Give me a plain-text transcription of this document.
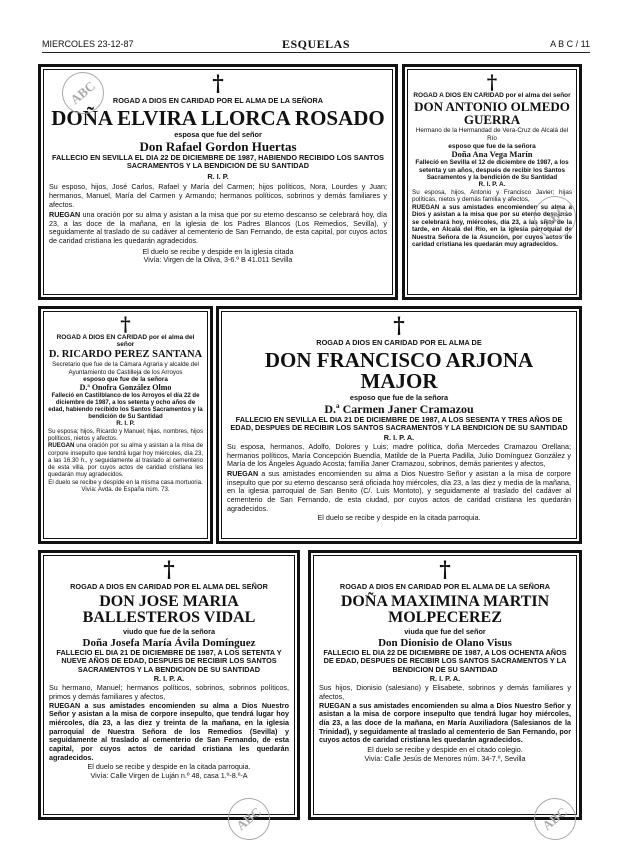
MIERCOLES 23-12-87	ESQUELAS	A B C / 11
†
ROGAD A DIOS EN CARIDAD POR EL ALMA DE LA SEÑORA
DOÑA ELVIRA LLORCA ROSADO
esposa que fue del señor
Don Rafael Gordon Huertas
FALLECIO EN SEVILLA EL DIA 22 DE DICIEMBRE DE 1987, HABIENDO RECIBIDO LOS SANTOS SACRAMENTOS Y LA BENDICION DE SU SANTIDAD
R. I. P.
Su esposo, hijos, José Carlos, Rafael y María del Carmen; hijos políticos, Nora, Lourdes y Juan; hermanos, Manuel, María del Carmen y Armando; hermanos políticos, sobrinos y demás familiares y afectos.
RUEGAN una oración por su alma y asistan a la misa que por su eterno descanso se celebrará hoy, día 23, a las doce de la mañana, en la iglesia de los Padres Blancos (Los Remedios, Sevilla), y seguidamente al traslado de su cadáver al cementerio de San Fernando, de esta capital, por cuyos actos de caridad cristiana les quedarán agradecidos.
El duelo se recibe y despide en la iglesia citada
Vivía: Virgen de la Oliva, 3-6.º B 41.011 Sevilla
†
ROGAD A DIOS EN CARIDAD por el alma del señor
DON ANTONIO OLMEDO GUERRA
Hermano de la Hermandad de Vera-Cruz de Alcalá del Río
esposo que fue de la señora
Doña Ana Vega Marín
Falleció en Sevilla el 12 de diciembre de 1987, a los setenta y un años, después de recibir los Santos Sacramentos y la bendición de Su Santidad
R. I. P. A.
Su esposa, hijos, Antonio y Francisco Javier; hijas políticas, nietos y demás familia y afectos,
RUEGAN a sus amistades encomienden su alma a Dios y asistan a la misa que por su eterno descanso se celebrará hoy, miércoles, día 23, a las siete de la tarde, en Alcalá del Río, en la iglesia parroquial de Nuestra Señora de la Asunción, por cuyos actos de caridad cristiana les quedarán muy agradecidos.
†
ROGAD A DIOS EN CARIDAD por el alma del señor
D. RICARDO PEREZ SANTANA
Secretario que fue de la Cámara Agraria y alcalde del Ayuntamiento de Castilleja de los Arroyos
esposo que fue de la señora
D.ª Onofra González Olmo
Falleció en Castilblanco de los Arroyos el día 22 de diciembre de 1987, a los setenta y ocho años de edad, habiendo recibido los Santos Sacramentos y la bendición de Su Santidad
R. I. P.
Su esposa; hijos, Ricardo y Manuel; hijas, nombres, hijos políticos, nietos y afectos.
RUEGAN una oración por su alma y asistan a la misa de corpore insepulto que tendrá lugar hoy miércoles, día 23, a las 16.30 h., y seguidamente al traslado al cementerio de esta villa, por cuyos actos de caridad cristiana les quedarán muy agradecidos.
El duelo se recibe y despide en la misma casa mortuoria.
Vivía: Avda. de España núm. 73.
†
ROGAD A DIOS EN CARIDAD POR EL ALMA DE
DON FRANCISCO ARJONA MAJOR
esposo que fue de la señora
D.ª Carmen Janer Cramazou
FALLECIO EN SEVILLA EL DIA 21 DE DICIEMBRE DE 1987, A LOS SESENTA Y TRES AÑOS DE EDAD, DESPUES DE RECIBIR LOS SANTOS SACRAMENTOS Y LA BENDICION DE SU SANTIDAD
R. I. P. A.
Su esposa, hermanos, Adolfo, Dolores y Luis; madre política, doña Mercedes Cramazou Orellana; hermanos políticos, María Concepción Buendía, Matilde de la Puerta Padilla, Julio Domínguez González y María de los Ángeles Aguado Acosta; familia Janer Cramazou, sobrinos, demás parientes y afectos,
RUEGAN a sus amistades encomienden su alma a Dios Nuestro Señor y asistan a la misa de corpore insepulto que por su eterno descanso será oficiada hoy miércoles, día 23, a las diez y media de la mañana, en la iglesia parroquial de San Benito (C/. Luis Montoto), y seguidamente al traslado del cadáver al cementerio de San Fernando, de esta ciudad, por cuyos actos de caridad cristiana les quedarán agradecidos.
El duelo se recibe y despide en la citada parroquia.
†
ROGAD A DIOS EN CARIDAD POR EL ALMA DEL SEÑOR
DON JOSE MARIA BALLESTEROS VIDAL
viudo que fue de la señora
Doña Josefa María Ávila Domínguez
FALLECIO EL DIA 21 DE DICIEMBRE DE 1987, A LOS SETENTA Y NUEVE AÑOS DE EDAD, DESPUES DE RECIBIR LOS SANTOS SACRAMENTOS Y LA BENDICION DE SU SANTIDAD
R. I. P. A.
Su hermano, Manuel; hermanos políticos, sobrinos, sobrinos políticos, primos y demás familiares y afectos,
RUEGAN a sus amistades encomienden su alma a Dios Nuestro Señor y asistan a la misa de corpore insepulto, que tendrá lugar hoy miércoles, día 23, a las diez y treinta de la mañana, en la iglesia parroquial de Nuestra Señora de los Remedios (Sevilla) y seguidamente al traslado al cementerio de San Fernando, de esta capital, por cuyos actos de caridad cristiana les quedarán agradecidos.
El duelo se recibe y despide en la citada parroquia.
Vivía: Calle Virgen de Luján n.º 48, casa 1.º-8.º-A
†
ROGAD A DIOS EN CARIDAD POR EL ALMA DE LA SEÑORA
DOÑA MAXIMINA MARTIN MOLPECEREZ
viuda que fue del señor
Don Dionisio de Olano Visus
FALLECIO EL DIA 22 DE DICIEMBRE DE 1987, A LOS OCHENTA AÑOS DE EDAD, DESPUES DE RECIBIR LOS SANTOS SACRAMENTOS Y LA BENDICION DE SU SANTIDAD
R. I. P. A.
Sus hijos, Dionisio (salesiano) y Elisabete, sobrinos y demás familiares y afectos,
RUEGAN a sus amistades encomienden su alma a Dios Nuestro Señor y asistan a la misa de corpore insepulto que tendrá lugar hoy miércoles, día 23, a las doce de la mañana, en María Auxiliadora (Salesianos de la Trinidad), y seguidamente al traslado al cementerio de San Fernando, por cuyos actos de caridad cristiana les quedarán agradecidos.
El duelo se recibe y despide en el citado colegio.
Vivía: Calle Jesús de Menores núm. 34-7.º, Sevilla
ABC
ABC
ABC	ABC
